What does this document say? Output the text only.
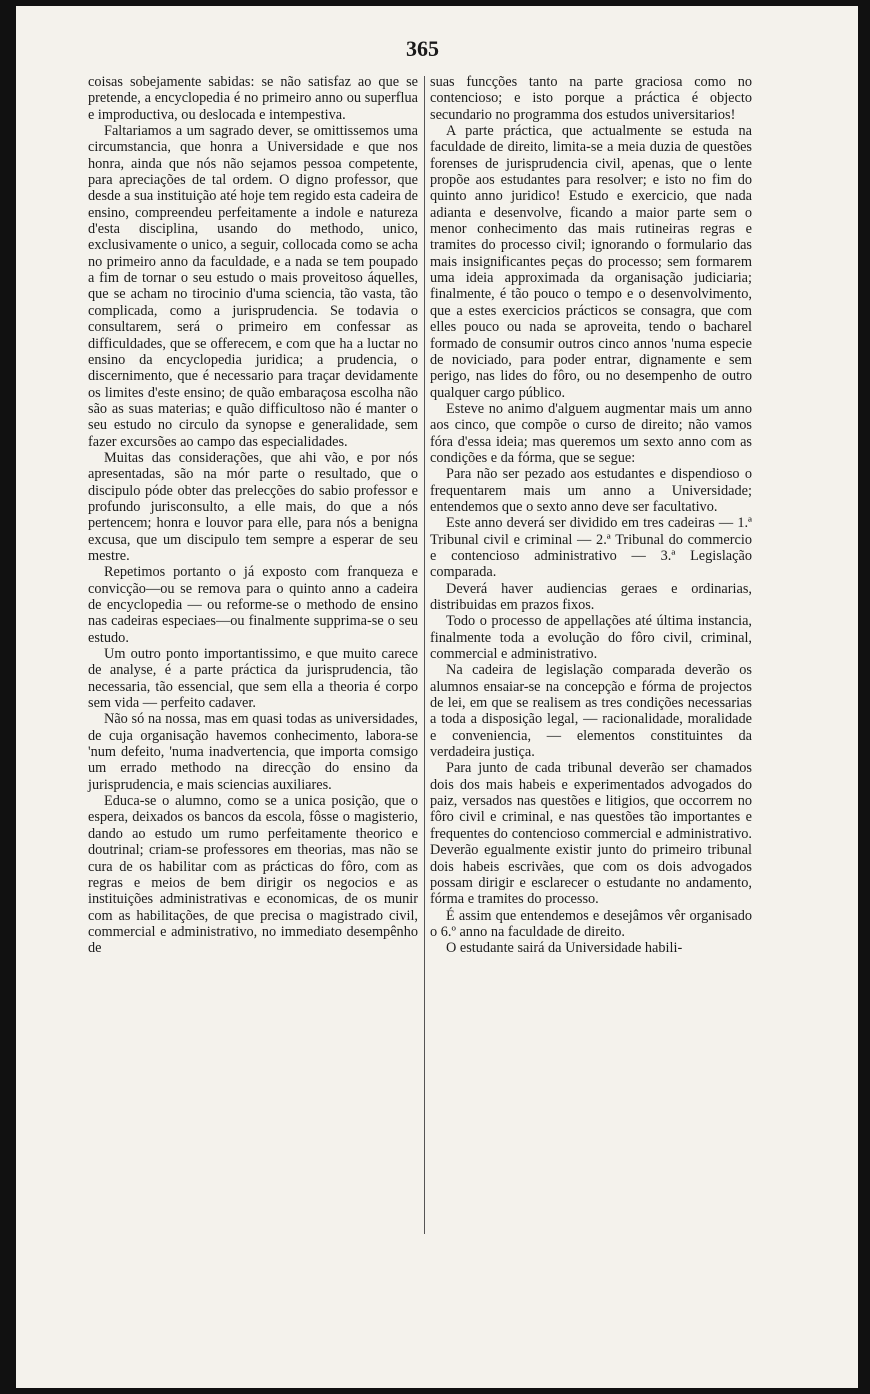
365

coisas sobejamente sabidas: se não satisfaz ao que se pretende, a encyclopedia é no primeiro anno ou superflua e improductiva, ou deslocada e intempestiva.

Faltariamos a um sagrado dever, se omittissemos uma circumstancia, que honra a Universidade e que nos honra, ainda que nós não sejamos pessoa competente, para apreciações de tal ordem. O digno professor, que desde a sua instituição até hoje tem regido esta cadeira de ensino, compreendeu perfeitamente a indole e natureza d'esta disciplina, usando do methodo, unico, exclusivamente o unico, a seguir, collocada como se acha no primeiro anno da faculdade, e a nada se tem poupado a fim de tornar o seu estudo o mais proveitoso áquelles, que se acham no tirocinio d'uma sciencia, tão vasta, tão complicada, como a jurisprudencia. Se todavia o consultarem, será o primeiro em confessar as difficuldades, que se offerecem, e com que ha a luctar no ensino da encyclopedia juridica; a prudencia, o discernimento, que é necessario para traçar devidamente os limites d'este ensino; de quão embaraçosa escolha não são as suas materias; e quão difficultoso não é manter o seu estudo no circulo da synopse e generalidade, sem fazer excursões ao campo das especialidades.

Muitas das considerações, que ahi vão, e por nós apresentadas, são na mór parte o resultado, que o discipulo póde obter das prelecções do sabio professor e profundo jurisconsulto, a elle mais, do que a nós pertencem; honra e louvor para elle, para nós a benigna excusa, que um discipulo tem sempre a esperar de seu mestre.

Repetimos portanto o já exposto com franqueza e convicção—ou se remova para o quinto anno a cadeira de encyclopedia — ou reforme-se o methodo de ensino nas cadeiras especiaes—ou finalmente supprima-se o seu estudo.

Um outro ponto importantissimo, e que muito carece de analyse, é a parte práctica da jurisprudencia, tão necessaria, tão essencial, que sem ella a theoria é corpo sem vida — perfeito cadaver.

Não só na nossa, mas em quasi todas as universidades, de cuja organisação havemos conhecimento, labora-se 'num defeito, 'numa inadvertencia, que importa comsigo um errado methodo na direcção do ensino da jurisprudencia, e mais sciencias auxiliares.

Educa-se o alumno, como se a unica posição, que o espera, deixados os bancos da escola, fôsse o magisterio, dando ao estudo um rumo perfeitamente theorico e doutrinal; criam-se professores em theorias, mas não se cura de os habilitar com as prácticas do fôro, com as regras e meios de bem dirigir os negocios e as instituições administrativas e economicas, de os munir com as habilitações, de que precisa o magistrado civil, commercial e administrativo, no immediato desempênho de

suas funcções tanto na parte graciosa como no contencioso; e isto porque a práctica é objecto secundario no programma dos estudos universitarios!

A parte práctica, que actualmente se estuda na faculdade de direito, limita-se a meia duzia de questões forenses de jurisprudencia civil, apenas, que o lente propõe aos estudantes para resolver; e isto no fim do quinto anno juridico! Estudo e exercicio, que nada adianta e desenvolve, ficando a maior parte sem o menor conhecimento das mais rutineiras regras e tramites do processo civil; ignorando o formulario das mais insignificantes peças do processo; sem formarem uma ideia approximada da organisação judiciaria; finalmente, é tão pouco o tempo e o desenvolvimento, que a estes exercicios prácticos se consagra, que com elles pouco ou nada se aproveita, tendo o bacharel formado de consumir outros cinco annos 'numa especie de noviciado, para poder entrar, dignamente e sem perigo, nas lides do fôro, ou no desempenho de outro qualquer cargo público.

Esteve no animo d'alguem augmentar mais um anno aos cinco, que compõe o curso de direito; não vamos fóra d'essa ideia; mas queremos um sexto anno com as condições e da fórma, que se segue:

Para não ser pezado aos estudantes e dispendioso o frequentarem mais um anno a Universidade; entendemos que o sexto anno deve ser facultativo.

Este anno deverá ser dividido em tres cadeiras — 1.ª Tribunal civil e criminal — 2.ª Tribunal do commercio e contencioso administrativo — 3.ª Legislação comparada.

Deverá haver audiencias geraes e ordinarias, distribuidas em prazos fixos.

Todo o processo de appellações até última instancia, finalmente toda a evolução do fôro civil, criminal, commercial e administrativo.

Na cadeira de legislação comparada deverão os alumnos ensaiar-se na concepção e fórma de projectos de lei, em que se realisem as tres condições necessarias a toda a disposição legal, — racionalidade, moralidade e conveniencia, — elementos constituintes da verdadeira justiça.

Para junto de cada tribunal deverão ser chamados dois dos mais habeis e experimentados advogados do paiz, versados nas questões e litigios, que occorrem no fôro civil e criminal, e nas questões tão importantes e frequentes do contencioso commercial e administrativo. Deverão egualmente existir junto do primeiro tribunal dois habeis escrivães, que com os dois advogados possam dirigir e esclarecer o estudante no andamento, fórma e tramites do processo.

É assim que entendemos e desejâmos vêr organisado o 6.º anno na faculdade de direito.

O estudante sairá da Universidade habili-
